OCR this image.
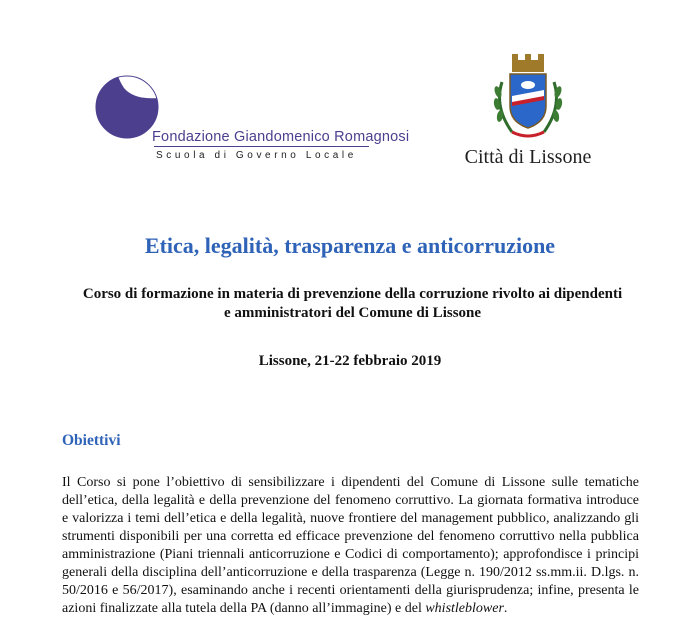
Fondazione Giandomenico Romagnosi
Scuola di Governo Locale	Città di Lissone
Etica, legalità, trasparenza e anticorruzione

Corso di formazione in materia di prevenzione della corruzione rivolto ai dipendenti e amministratori del Comune di Lissone

Lissone, 21-22 febbraio 2019

Obiettivi

Il Corso si pone l’obiettivo di sensibilizzare i dipendenti del Comune di Lissone sulle tematiche dell’etica, della legalità e della prevenzione del fenomeno corruttivo. La giornata formativa introduce e valorizza i temi dell’etica e della legalità, nuove frontiere del management pubblico, analizzando gli strumenti disponibili per una corretta ed efficace prevenzione del fenomeno corruttivo nella pubblica amministrazione (Piani triennali anticorruzione e Codici di comportamento); approfondisce i principi generali della disciplina dell’anticorruzione e della trasparenza (Legge n. 190/2012 ss.mm.ii. D.lgs. n. 50/2016 e 56/2017), esaminando anche i recenti orientamenti della giurisprudenza; infine, presenta le azioni finalizzate alla tutela della PA (danno all’immagine) e del whistleblower.
